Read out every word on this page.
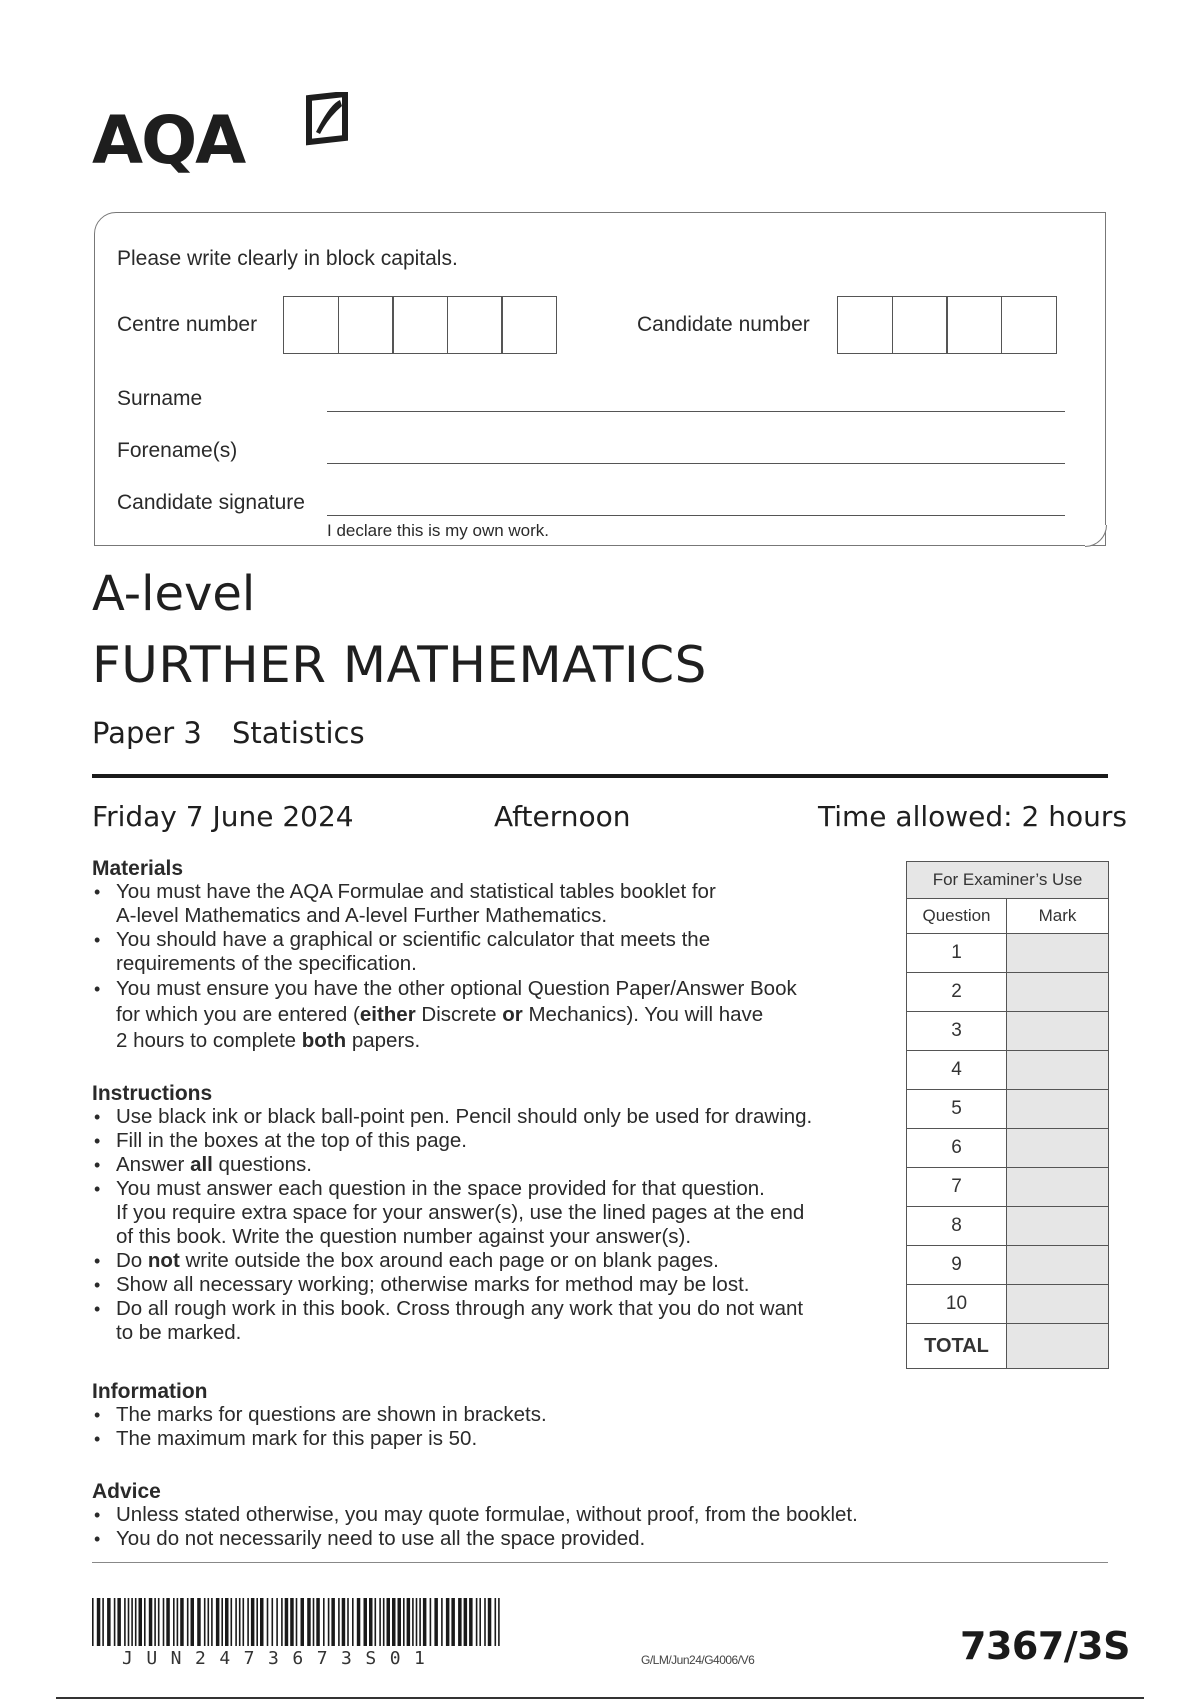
AQA
Please write clearly in block capitals.
Centre number	Candidate number
Surname
Forename(s)
Candidate signature
I declare this is my own work.
A-level
FURTHER MATHEMATICS
Paper 3 Statistics
Friday 7 June 2024	Afternoon	Time allowed: 2 hours
Materials
• You must have the AQA Formulae and statistical tables booklet for
A-level Mathematics and A-level Further Mathematics.
• You should have a graphical or scientific calculator that meets the
requirements of the specification.
• You must ensure you have the other optional Question Paper/Answer Book
for which you are entered (either Discrete or Mechanics). You will have
2 hours to complete both papers.
Instructions
• Use black ink or black ball-point pen. Pencil should only be used for drawing.
• Fill in the boxes at the top of this page.
• Answer all questions.
• You must answer each question in the space provided for that question.
If you require extra space for your answer(s), use the lined pages at the end
of this book. Write the question number against your answer(s).
• Do not write outside the box around each page or on blank pages.
• Show all necessary working; otherwise marks for method may be lost.
• Do all rough work in this book. Cross through any work that you do not want
to be marked.
Information
• The marks for questions are shown in brackets.
• The maximum mark for this paper is 50.
Advice
• Unless stated otherwise, you may quote formulae, without proof, from the booklet.
• You do not necessarily need to use all the space provided.
For Examiner’s Use	
Question	Mark
1	
2	
3	
4	
5	
6	
7	
8	
9	
10	
TOTAL	
JUN2473673S01	G/LM/Jun24/G4006/V6	7367/3S
